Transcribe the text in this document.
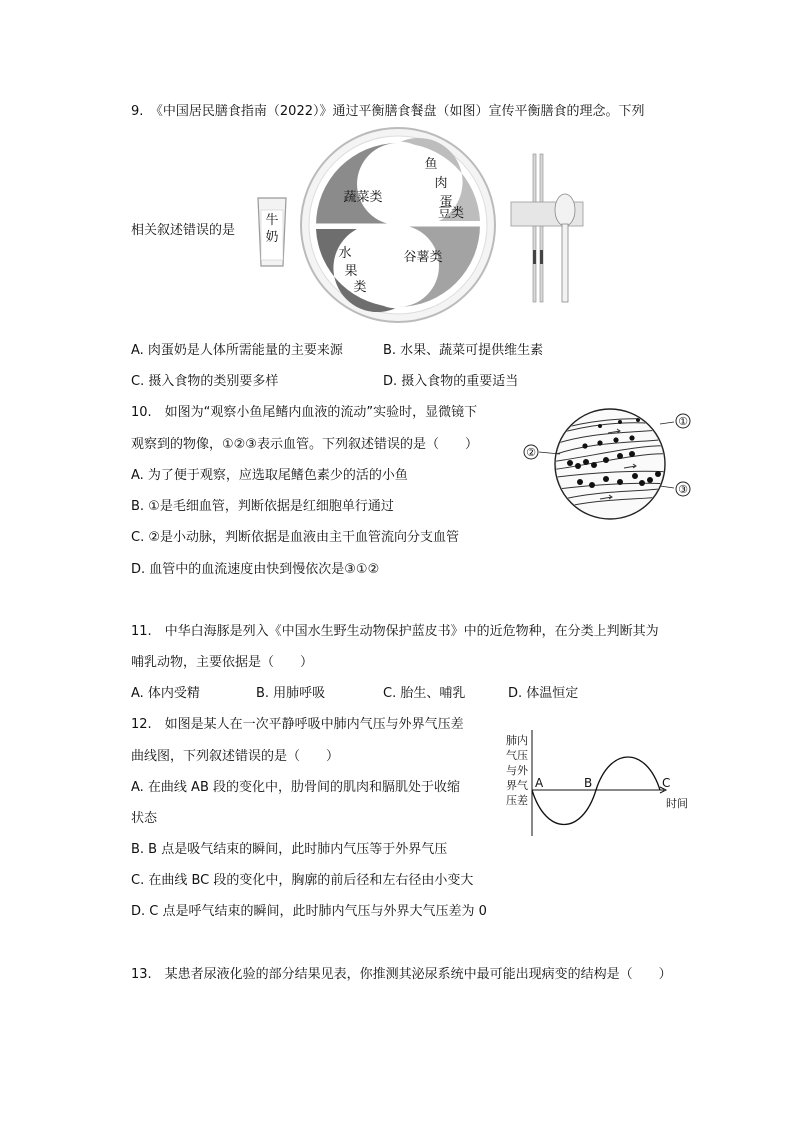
9.　《中国居民膳食指南（2022）》通过平衡膳食餐盘（如图）宣传平衡膳食的理念。下列
牛
奶
相关叙述错误的是
蔬菜类
鱼
肉
蛋
豆类
谷薯类
水
果
类
A. 肉蛋奶是人体所需能量的主要来源	B. 水果、蔬菜可提供维生素
C. 摄入食物的类别要多样	D. 摄入食物的重要适当
10.　如图为“观察小鱼尾鳍内血液的流动”实验时，显微镜下
观察到的物像，①②③表示血管。下列叙述错误的是（　　）
A. 为了便于观察，应选取尾鳍色素少的活的小鱼
B. ①是毛细血管，判断依据是红细胞单行通过
C. ②是小动脉，判断依据是血液由主干血管流向分支血管
D. 血管中的血流速度由快到慢依次是③①②
①
②
③
11.　中华白海豚是列入《中国水生野生动物保护蓝皮书》中的近危物种，在分类上判断其为
哺乳动物，主要依据是（　　）
A. 体内受精	B. 用肺呼吸	C. 胎生、哺乳	D. 体温恒定
12.　如图是某人在一次平静呼吸中肺内气压与外界气压差
曲线图，下列叙述错误的是（　　）
A. 在曲线 AB 段的变化中，肋骨间的肌肉和膈肌处于收缩
状态
B. B 点是吸气结束的瞬间，此时肺内气压等于外界气压
C. 在曲线 BC 段的变化中，胸廓的前后径和左右径由小变大
D. C 点是呼气结束的瞬间，此时肺内气压与外界大气压差为 0
肺内
气压
与外
界气
压差	时间
A	B	C
13.　某患者尿液化验的部分结果见表，你推测其泌尿系统中最可能出现病变的结构是（　　）
